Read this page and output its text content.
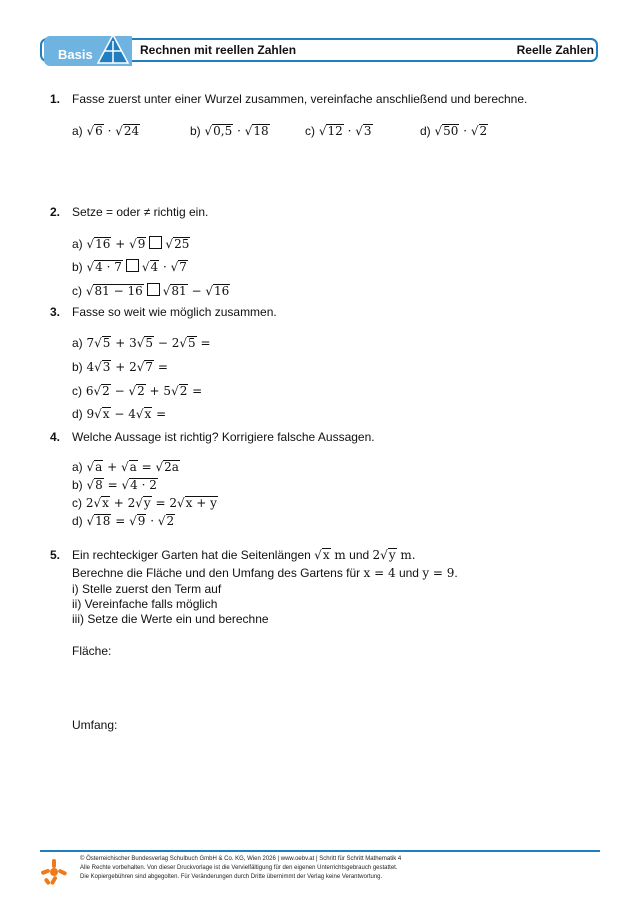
Basis	Rechnen mit reellen Zahlen	Reelle Zahlen
1. Fasse zuerst unter einer Wurzel zusammen, vereinfache anschließend und berechne.
a) √6 · √24	b) √0,5 · √18	c) √12 · √3	d) √50 · √2
2. Setze = oder ≠ richtig ein.
a) √16 + √9 √25
b) √4 · 7 √4 · √7
c) √81 − 16 √81 − √16
3. Fasse so weit wie möglich zusammen.
a) 7√5 + 3√5 − 2√5 =
b) 4√3 + 2√7 =
c) 6√2 − √2 + 5√2 =
d) 9√x − 4√x =
4. Welche Aussage ist richtig? Korrigiere falsche Aussagen.
a) √a + √a = √2a
b) √8 = √4 · 2
c) 2√x + 2√y = 2√x + y
d) √18 = √9 · √2
5. Ein rechteckiger Garten hat die Seitenlängen √x m und 2√y m.
Berechne die Fläche und den Umfang des Gartens für x = 4 und y = 9.
i) Stelle zuerst den Term auf
ii) Vereinfache falls möglich
iii) Setze die Werte ein und berechne
Fläche:
Umfang:
© Österreichischer Bundesverlag Schulbuch GmbH & Co. KG, Wien 2026 | www.oebv.at | Schritt für Schritt Mathematik 4
Alle Rechte vorbehalten. Von dieser Druckvorlage ist die Vervielfältigung für den eigenen Unterrichtsgebrauch gestattet.
Die Kopiergebühren sind abgegolten. Für Veränderungen durch Dritte übernimmt der Verlag keine Verantwortung.
